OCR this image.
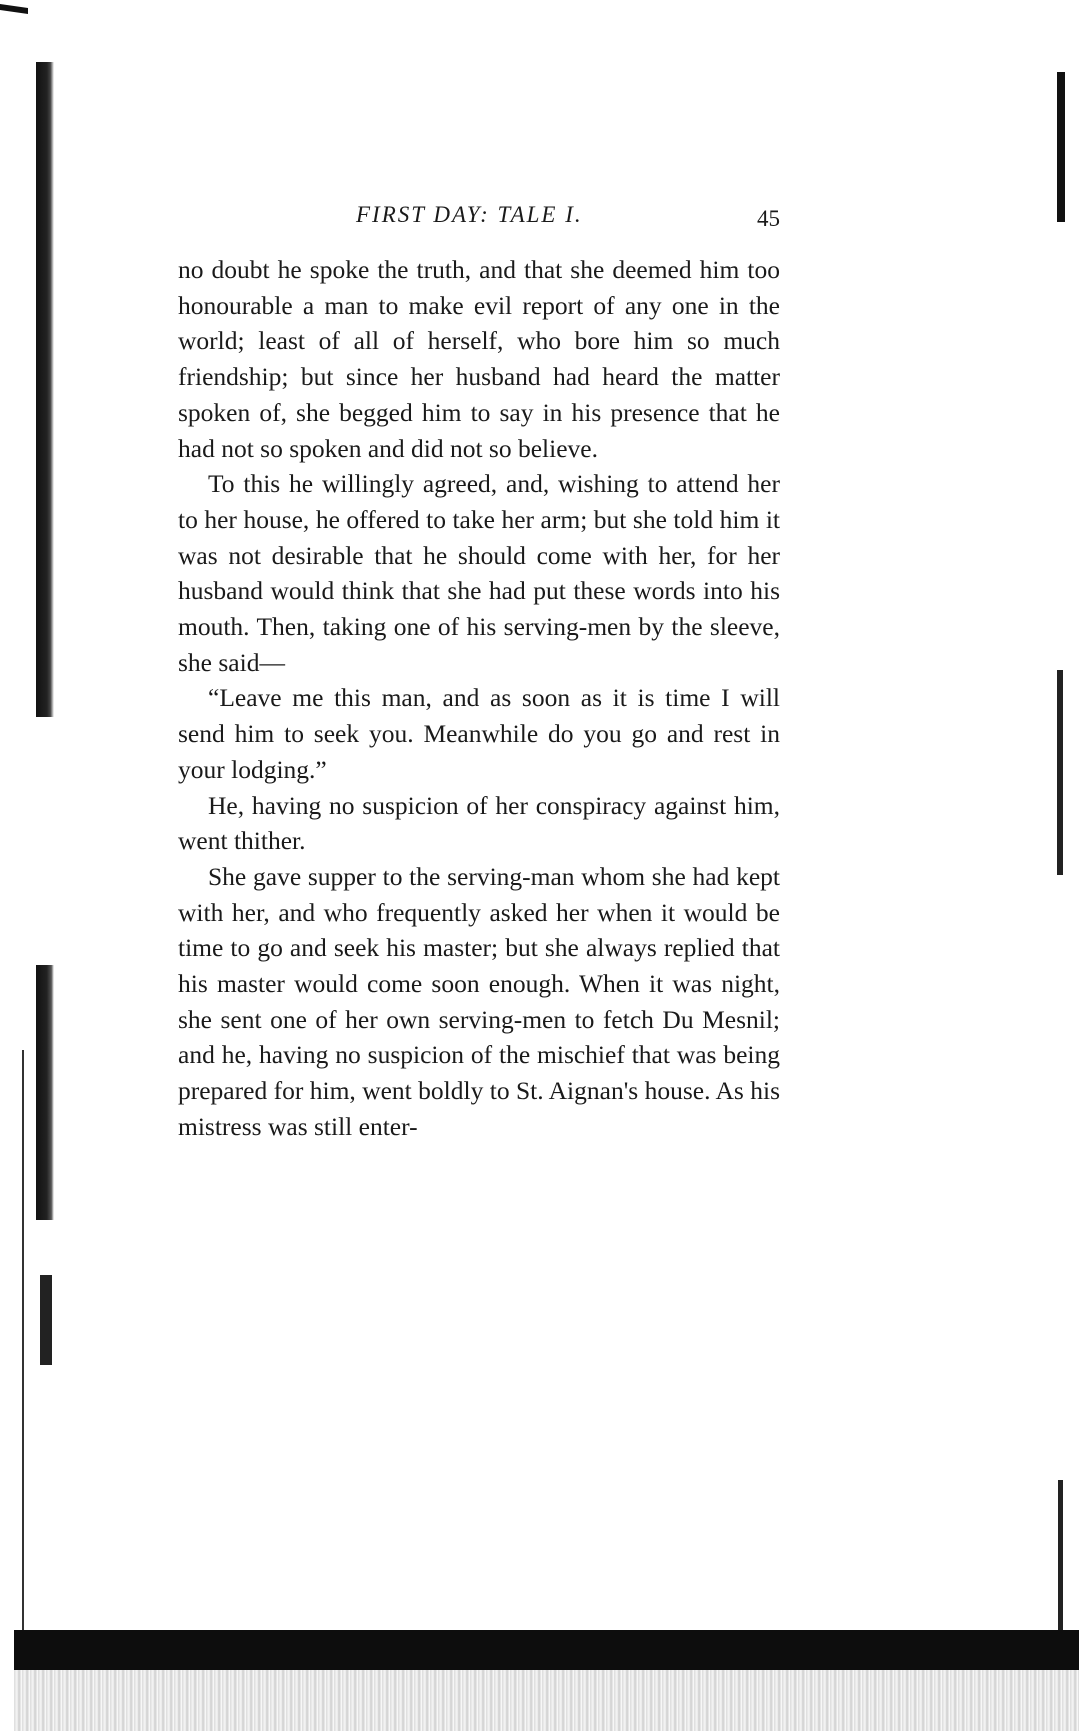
FIRST DAY: TALE I.	45

no doubt he spoke the truth, and that she deemed him too honourable a man to make evil report of any one in the world; least of all of herself, who bore him so much friendship; but since her husband had heard the matter spoken of, she begged him to say in his presence that he had not so spoken and did not so believe.

To this he willingly agreed, and, wishing to attend her to her house, he offered to take her arm; but she told him it was not desirable that he should come with her, for her husband would think that she had put these words into his mouth. Then, taking one of his serving-men by the sleeve, she said—

“Leave me this man, and as soon as it is time I will send him to seek you. Meanwhile do you go and rest in your lodging.”

He, having no suspicion of her conspiracy against him, went thither.

She gave supper to the serving-man whom she had kept with her, and who frequently asked her when it would be time to go and seek his master; but she always replied that his master would come soon enough. When it was night, she sent one of her own serving-men to fetch Du Mesnil; and he, having no suspicion of the mischief that was being prepared for him, went boldly to St. Aignan's house. As his mistress was still enter-
